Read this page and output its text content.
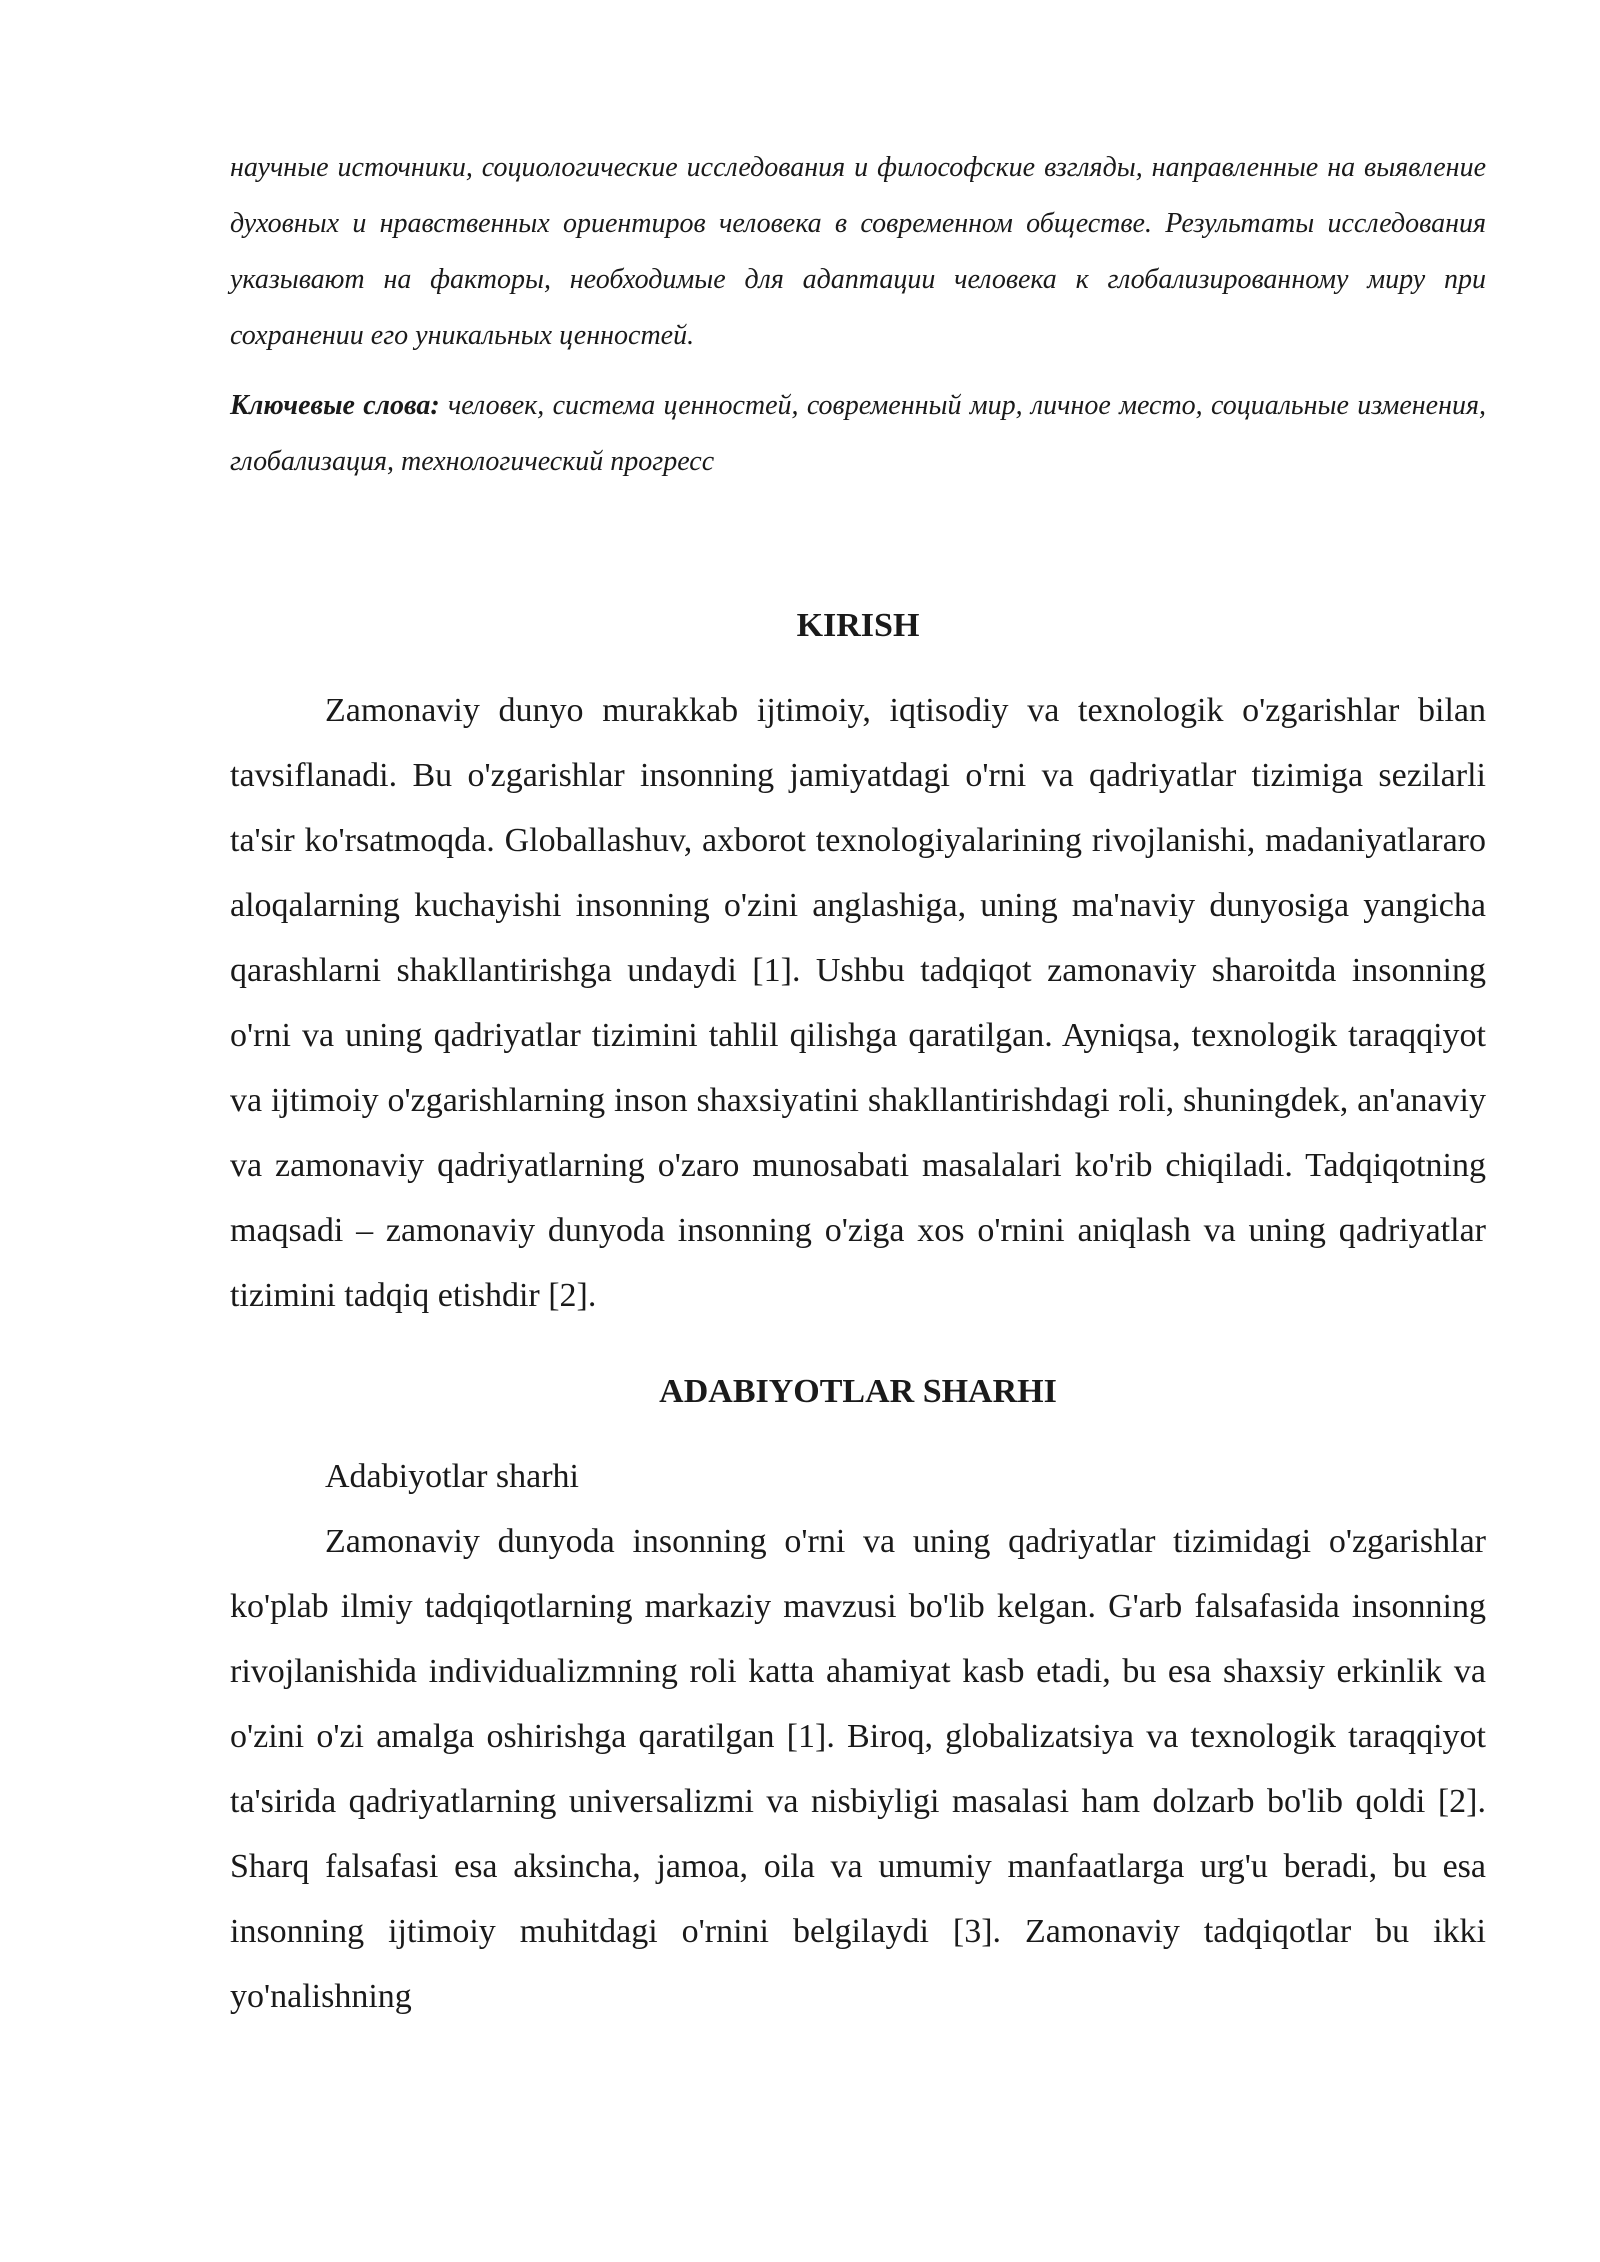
научные источники, социологические исследования и философские взгляды, направленные на выявление духовных и нравственных ориентиров человека в современном обществе. Результаты исследования указывают на факторы, необходимые для адаптации человека к глобализированному миру при сохранении его уникальных ценностей.

Ключевые слова: человек, система ценностей, современный мир, личное место, социальные изменения, глобализация, технологический прогресс

KIRISH

Zamonaviy dunyo murakkab ijtimoiy, iqtisodiy va texnologik o'zgarishlar bilan tavsiflanadi. Bu o'zgarishlar insonning jamiyatdagi o'rni va qadriyatlar tizimiga sezilarli ta'sir ko'rsatmoqda. Globallashuv, axborot texnologiyalarining rivojlanishi, madaniyatlararo aloqalarning kuchayishi insonning o'zini anglashiga, uning ma'naviy dunyosiga yangicha qarashlarni shakllantirishga undaydi [1]. Ushbu tadqiqot zamonaviy sharoitda insonning o'rni va uning qadriyatlar tizimini tahlil qilishga qaratilgan. Ayniqsa, texnologik taraqqiyot va ijtimoiy o'zgarishlarning inson shaxsiyatini shakllantirishdagi roli, shuningdek, an'anaviy va zamonaviy qadriyatlarning o'zaro munosabati masalalari ko'rib chiqiladi. Tadqiqotning maqsadi – zamonaviy dunyoda insonning o'ziga xos o'rnini aniqlash va uning qadriyatlar tizimini tadqiq etishdir [2].

ADABIYOTLAR SHARHI

Adabiyotlar sharhi

Zamonaviy dunyoda insonning o'rni va uning qadriyatlar tizimidagi o'zgarishlar ko'plab ilmiy tadqiqotlarning markaziy mavzusi bo'lib kelgan. G'arb falsafasida insonning rivojlanishida individualizmning roli katta ahamiyat kasb etadi, bu esa shaxsiy erkinlik va o'zini o'zi amalga oshirishga qaratilgan [1]. Biroq, globalizatsiya va texnologik taraqqiyot ta'sirida qadriyatlarning universalizmi va nisbiyligi masalasi ham dolzarb bo'lib qoldi [2]. Sharq falsafasi esa aksincha, jamoa, oila va umumiy manfaatlarga urg'u beradi, bu esa insonning ijtimoiy muhitdagi o'rnini belgilaydi [3]. Zamonaviy tadqiqotlar bu ikki yo'nalishning
